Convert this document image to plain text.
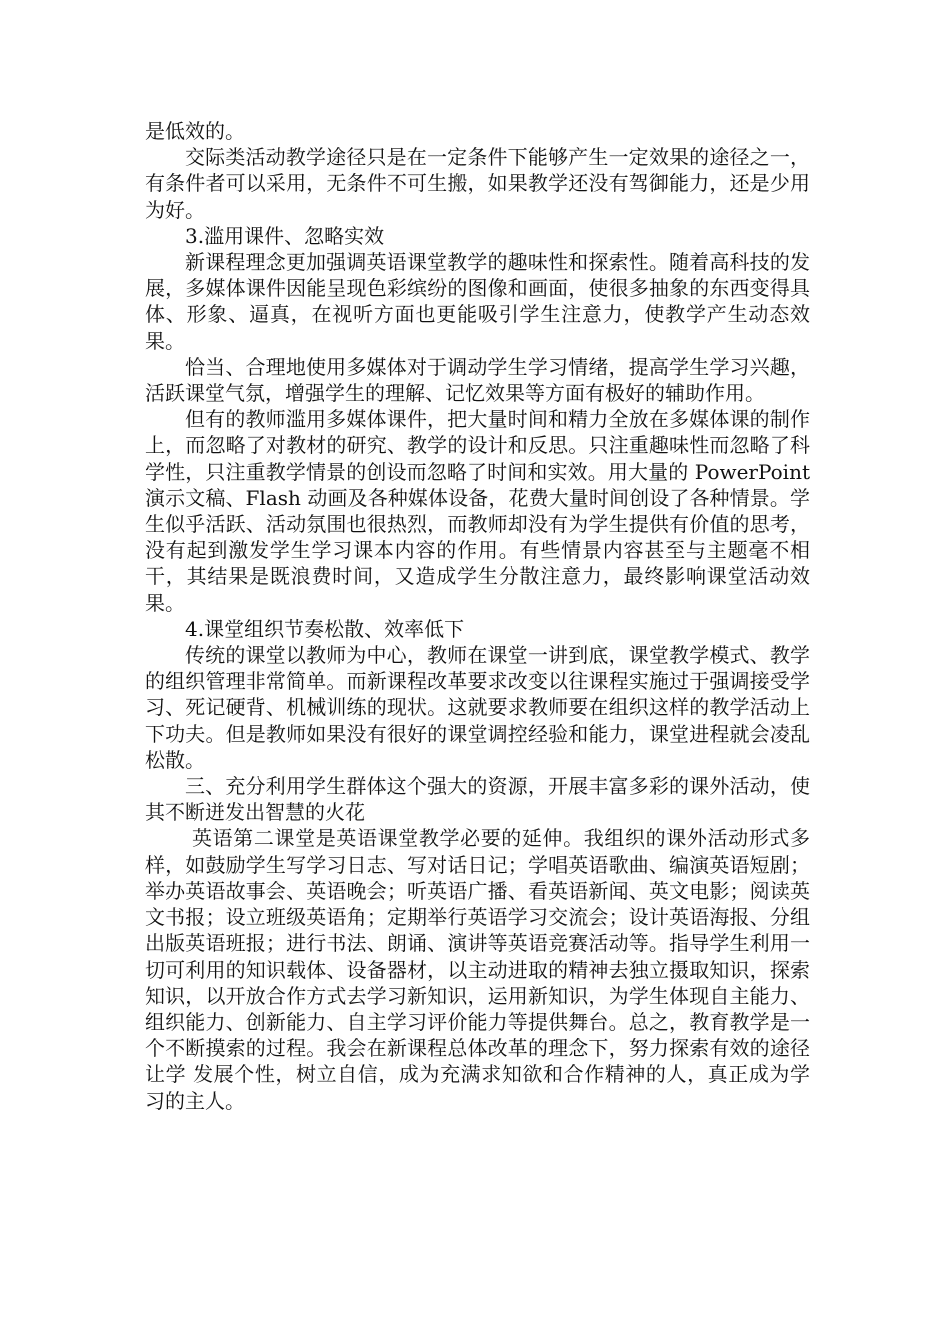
是低效的。

交际类活动教学途径只是在一定条件下能够产生一定效果的途径之一，有条件者可以采用，无条件不可生搬，如果教学还没有驾御能力，还是少用为好。

3.滥用课件、忽略实效

新课程理念更加强调英语课堂教学的趣味性和探索性。随着高科技的发展，多媒体课件因能呈现色彩缤纷的图像和画面，使很多抽象的东西变得具体、形象、逼真，在视听方面也更能吸引学生注意力，使教学产生动态效果。

恰当、合理地使用多媒体对于调动学生学习情绪，提高学生学习兴趣，活跃课堂气氛，增强学生的理解、记忆效果等方面有极好的辅助作用。

但有的教师滥用多媒体课件，把大量时间和精力全放在多媒体课的制作上，而忽略了对教材的研究、教学的设计和反思。只注重趣味性而忽略了科学性，只注重教学情景的创设而忽略了时间和实效。用大量的 PowerPoint 演示文稿、Flash 动画及各种媒体设备，花费大量时间创设了各种情景。学生似乎活跃、活动氛围也很热烈，而教师却没有为学生提供有价值的思考，没有起到激发学生学习课本内容的作用。有些情景内容甚至与主题毫不相干，其结果是既浪费时间，又造成学生分散注意力，最终影响课堂活动效果。

4.课堂组织节奏松散、效率低下

传统的课堂以教师为中心，教师在课堂一讲到底，课堂教学模式、教学的组织管理非常简单。而新课程改革要求改变以往课程实施过于强调接受学习、死记硬背、机械训练的现状。这就要求教师要在组织这样的教学活动上下功夫。但是教师如果没有很好的课堂调控经验和能力，课堂进程就会凌乱松散。

三、充分利用学生群体这个强大的资源，开展丰富多彩的课外活动，使其不断迸发出智慧的火花

英语第二课堂是英语课堂教学必要的延伸。我组织的课外活动形式多样，如鼓励学生写学习日志、写对话日记；学唱英语歌曲、编演英语短剧；举办英语故事会、英语晚会；听英语广播、看英语新闻、英文电影；阅读英文书报；设立班级英语角；定期举行英语学习交流会；设计英语海报、分组出版英语班报；进行书法、朗诵、演讲等英语竞赛活动等。指导学生利用一切可利用的知识载体、设备器材，以主动进取的精神去独立摄取知识，探索知识，以开放合作方式去学习新知识，运用新知识，为学生体现自主能力、组织能力、创新能力、自主学习评价能力等提供舞台。总之，教育教学是一个不断摸索的过程。我会在新课程总体改革的理念下，努力探索有效的途径让学 发展个性，树立自信，成为充满求知欲和合作精神的人，真正成为学习的主人。
